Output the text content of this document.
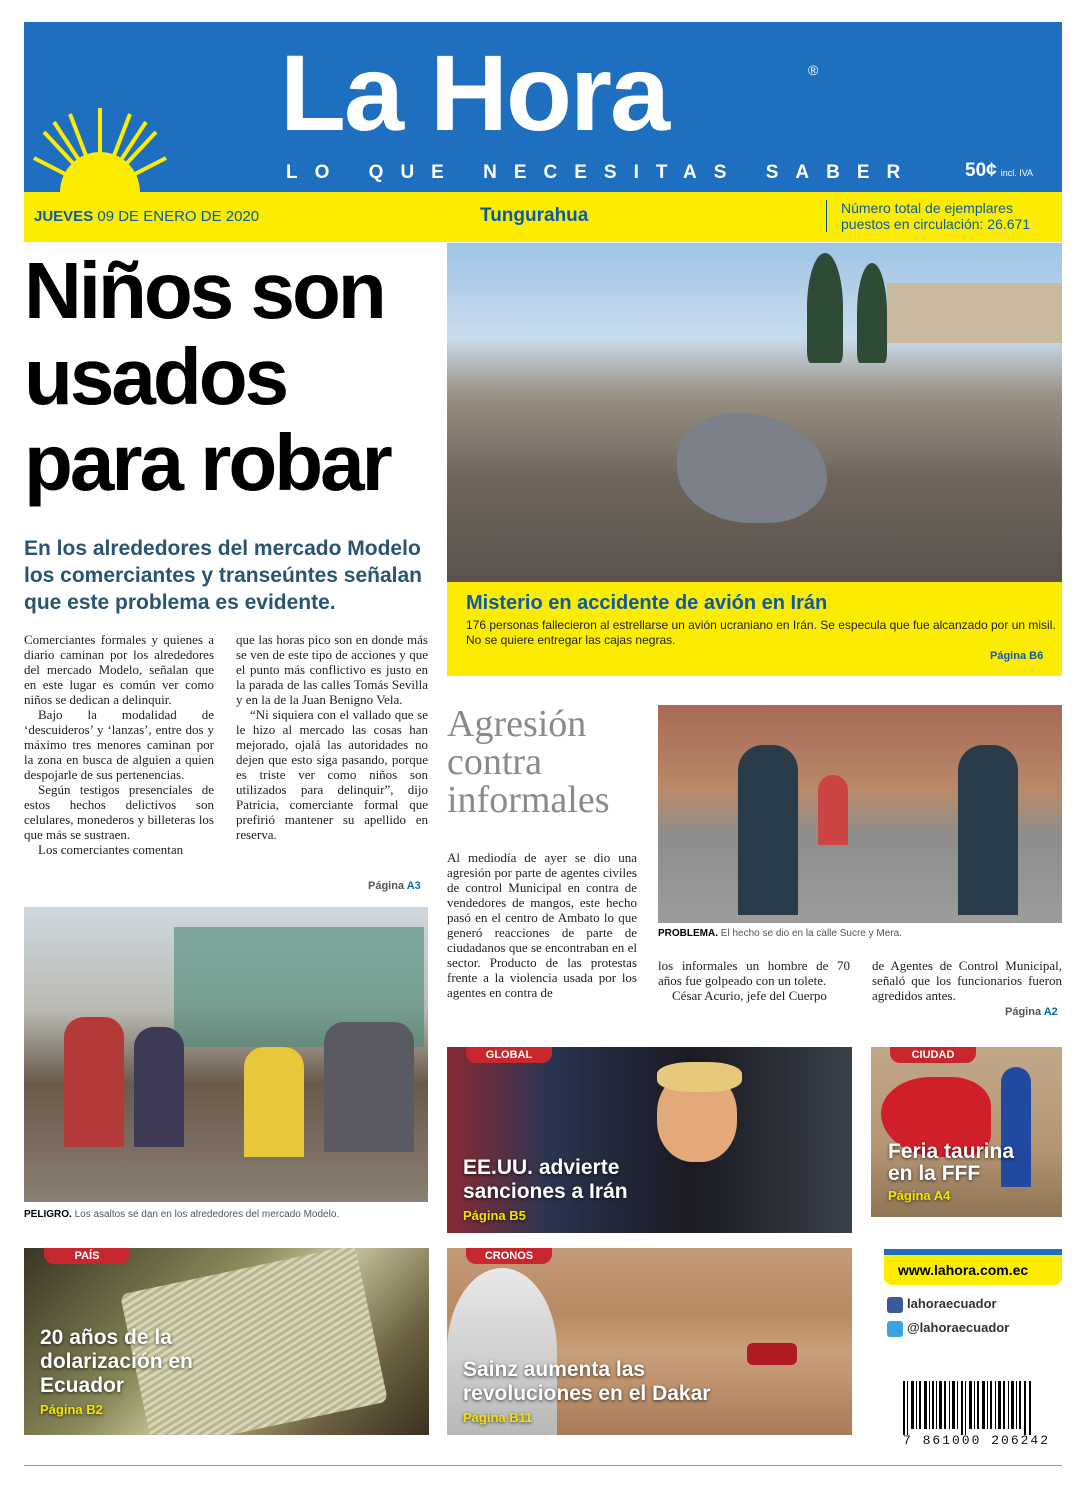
La Hora	®
LO QUE NECESITAS SABER	50¢ incl. IVA
JUEVES 09 DE ENERO DE 2020	Tungurahua	Número total de ejemplares puestos en circulación: 26.671
Niños son usados para robar
En los alrededores del mercado Modelo los comerciantes y transeúntes señalan que este problema es evidente.

Comerciantes formales y quienes a diario caminan por los alrededores del mercado Modelo, señalan que en este lugar es común ver como niños se dedican a delinquir.

Bajo la modalidad de ‘descuideros’ y ‘lanzas’, entre dos y máximo tres menores caminan por la zona en busca de alguien a quien despojarle de sus pertenencias.

Según testigos presenciales de estos hechos delictivos son celulares, monederos y billeteras los que más se sustraen.

Los comerciantes comentan

que las horas pico son en donde más se ven de este tipo de acciones y que el punto más conflictivo es justo en la parada de las calles Tomás Sevilla y en la de la Juan Benigno Vela.

“Ni siquiera con el vallado que se le hizo al mercado las cosas han mejorado, ojalá las autoridades no dejen que esto siga pasando, porque es triste ver como niños son utilizados para delinquir”, dijo Patricia, comerciante formal que prefirió mantener su apellido en reserva.

Página A3
PELIGRO. Los asaltos se dan en los alrededores del mercado Modelo.
Misterio en accidente de avión en Irán
176 personas fallecieron al estrellarse un avión ucraniano en Irán. Se especula que fue alcanzado por un misil. No se quiere entregar las cajas negras.
Página B6
Agresión contra informales

Al mediodía de ayer se dio una agresión por parte de agentes civiles de control Municipal en contra de vendedores de mangos, este hecho pasó en el centro de Ambato lo que generó reacciones de parte de ciudadanos que se encontraban en el sector. Producto de las protestas frente a la violencia usada por los agentes en contra de

PROBLEMA. El hecho se dio en la calle Sucre y Mera.

los informales un hombre de 70 años fue golpeado con un tolete.

César Acurio, jefe del Cuerpo

de Agentes de Control Municipal, señaló que los funcionarios fueron agredidos antes.

Página A2
GLOBAL
EE.UU. advierte sanciones a Irán
Página B5
CIUDAD
Feria taurina en la FFF
Página A4
PAÍS
20 años de la dolarización en Ecuador
Página B2
CRONOS
Sainz aumenta las revoluciones en el Dakar
Página B11
www.lahora.com.ec
lahoraecuador
@lahoraecuador
7 861000 206242
